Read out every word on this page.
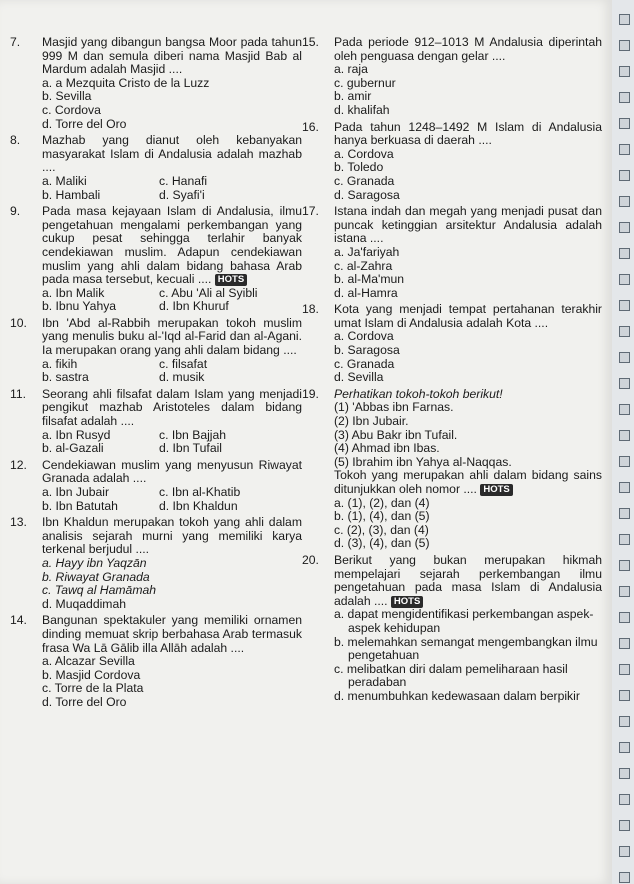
7.	Masjid yang dibangun bangsa Moor pada tahun 999 M dan semula diberi nama Masjid Bab al Mardum adalah Masjid ....
a. a Mezquita Cristo de la Luzz
b. Sevilla
c. Cordova
d. Torre del Oro
8.	Mazhab yang dianut oleh kebanyakan masyarakat Islam di Andalusia adalah mazhab ....
a. Maliki	c. Hanafi
b. Hambali	d. Syafi'i
9.	Pada masa kejayaan Islam di Andalusia, ilmu pengetahuan mengalami perkembangan yang cukup pesat sehingga terlahir banyak cendekiawan muslim. Adapun cendekiawan muslim yang ahli dalam bidang bahasa Arab pada masa tersebut, kecuali .... HOTS
a. Ibn Malik	c. Abu 'Ali al Syibli
b. Ibnu Yahya	d. Ibn Khuruf
10.	Ibn 'Abd al-Rabbih merupakan tokoh muslim yang menulis buku al-'Iqd al-Farid dan al-Agani. Ia merupakan orang yang ahli dalam bidang ....
a. fikih	c. filsafat
b. sastra	d. musik
11.	Seorang ahli filsafat dalam Islam yang menjadi pengikut mazhab Aristoteles dalam bidang filsafat adalah ....
a. Ibn Rusyd	c. Ibn Bajjah
b. al-Gazali	d. Ibn Tufail
12.	Cendekiawan muslim yang menyusun Riwayat Granada adalah ....
a. Ibn Jubair	c. Ibn al-Khatib
b. Ibn Batutah	d. Ibn Khaldun
13.	Ibn Khaldun merupakan tokoh yang ahli dalam analisis sejarah murni yang memiliki karya terkenal berjudul ....
a. Hayy ibn Yaqzān
b. Riwayat Granada
c. Tawq al Hamāmah
d. Muqaddimah
14.	Bangunan spektakuler yang memiliki ornamen dinding memuat skrip berbahasa Arab termasuk frasa Wa Lā Gālib illa Allāh adalah ....
a. Alcazar Sevilla
b. Masjid Cordova
c. Torre de la Plata
d. Torre del Oro
15.	Pada periode 912–1013 M Andalusia diperintah oleh penguasa dengan gelar ....
a. raja
c. gubernur
b. amir
d. khalifah
16.	Pada tahun 1248–1492 M Islam di Andalusia hanya berkuasa di daerah ....
a. Cordova
b. Toledo
c. Granada
d. Saragosa
17.	Istana indah dan megah yang menjadi pusat dan puncak ketinggian arsitektur Andalusia adalah istana ....
a. Ja'fariyah
c. al-Zahra
b. al-Ma'mun
d. al-Hamra
18.	Kota yang menjadi tempat pertahanan terakhir umat Islam di Andalusia adalah Kota ....
a. Cordova
b. Saragosa
c. Granada
d. Sevilla
19.	Perhatikan tokoh-tokoh berikut!
(1) 'Abbas ibn Farnas.
(2) Ibn Jubair.
(3) Abu Bakr ibn Tufail.
(4) Ahmad ibn Ibas.
(5) Ibrahim ibn Yahya al-Naqqas.
Tokoh yang merupakan ahli dalam bidang sains ditunjukkan oleh nomor .... HOTS
a. (1), (2), dan (4)
b. (1), (4), dan (5)
c. (2), (3), dan (4)
d. (3), (4), dan (5)
20.	Berikut yang bukan merupakan hikmah mempelajari sejarah perkembangan ilmu pengetahuan pada masa Islam di Andalusia adalah .... HOTS
a. dapat mengidentifikasi perkembangan aspek-aspek kehidupan
b. melemahkan semangat mengembangkan ilmu pengetahuan
c. melibatkan diri dalam pemeliharaan hasil peradaban
d. menumbuhkan kedewasaan dalam berpikir
